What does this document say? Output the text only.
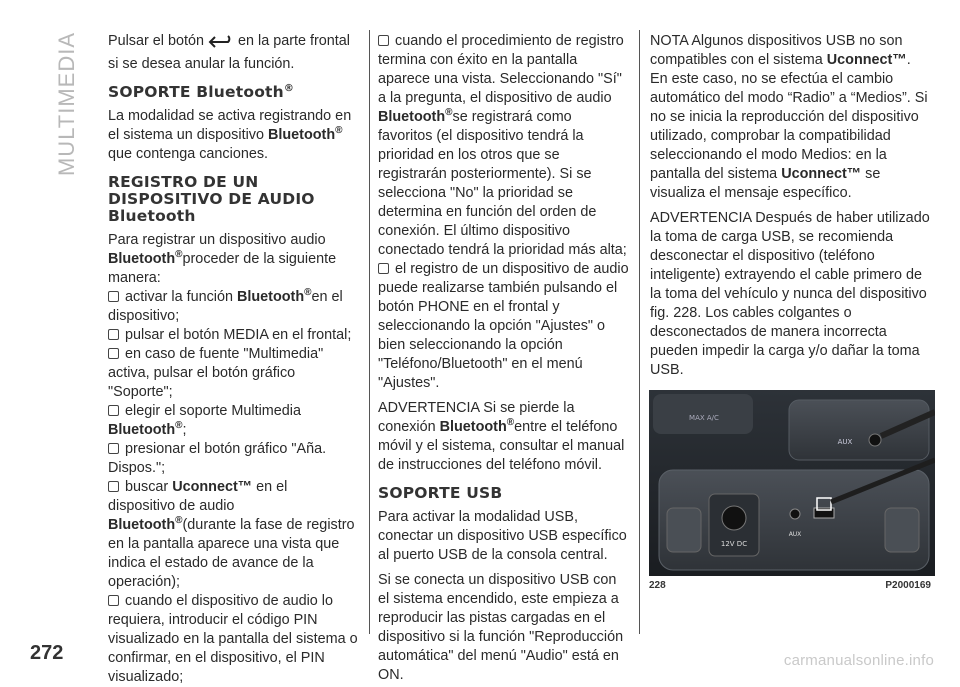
MULTIMEDIA Pulsar el botón en la parte frontal si se desea anular la función.

SOPORTE Bluetooth®

La modalidad se activa registrando en el sistema un dispositivo Bluetooth® que contenga canciones.

REGISTRO DE UN DISPOSITIVO DE AUDIO Bluetooth

Para registrar un dispositivo audio Bluetooth®proceder de la siguiente manera:

activar la función Bluetooth®en el dispositivo;

pulsar el botón MEDIA en el frontal;

en caso de fuente "Multimedia" activa, pulsar el botón gráfico "Soporte";

elegir el soporte Multimedia Bluetooth®;

presionar el botón gráfico "Aña. Dispos.";

buscar Uconnect™ en el dispositivo de audio Bluetooth®(durante la fase de registro en la pantalla aparece una vista que indica el estado de avance de la operación);

cuando el dispositivo de audio lo requiera, introducir el código PIN visualizado en la pantalla del sistema o confirmar, en el dispositivo, el PIN visualizado;

cuando el procedimiento de registro termina con éxito en la pantalla aparece una vista. Seleccionando "Sí" a la pregunta, el dispositivo de audio Bluetooth®se registrará como favoritos (el dispositivo tendrá la prioridad en los otros que se registrarán posteriormente). Si se selecciona "No" la prioridad se determina en función del orden de conexión. El último dispositivo conectado tendrá la prioridad más alta;

el registro de un dispositivo de audio puede realizarse también pulsando el botón PHONE en el frontal y seleccionando la opción "Ajustes" o bien seleccionando la opción "Teléfono/Bluetooth" en el menú "Ajustes".

ADVERTENCIA Si se pierde la conexión Bluetooth®entre el teléfono móvil y el sistema, consultar el manual de instrucciones del teléfono móvil.

SOPORTE USB

Para activar la modalidad USB, conectar un dispositivo USB específico al puerto USB de la consola central.

Si se conecta un dispositivo USB con el sistema encendido, este empieza a reproducir las pistas cargadas en el dispositivo si la función "Reproducción automática" del menú "Audio" está en ON.

NOTA Algunos dispositivos USB no son compatibles con el sistema Uconnect™. En este caso, no se efectúa el cambio automático del modo “Radio” a “Medios”. Si no se inicia la reproducción del dispositivo utilizado, comprobar la compatibilidad seleccionando el modo Medios: en la pantalla del sistema Uconnect™ se visualiza el mensaje específico.

ADVERTENCIA Después de haber utilizado la toma de carga USB, se recomienda desconectar el dispositivo (teléfono inteligente) extrayendo el cable primero de la toma del vehículo y nunca del dispositivo fig. 228. Los cables colgantes o desconectados de manera incorrecta pueden impedir la carga y/o dañar la toma USB.

MAX A/C
AUX
12V DC
AUX
228	P2000169
272	carmanualsonline.info
